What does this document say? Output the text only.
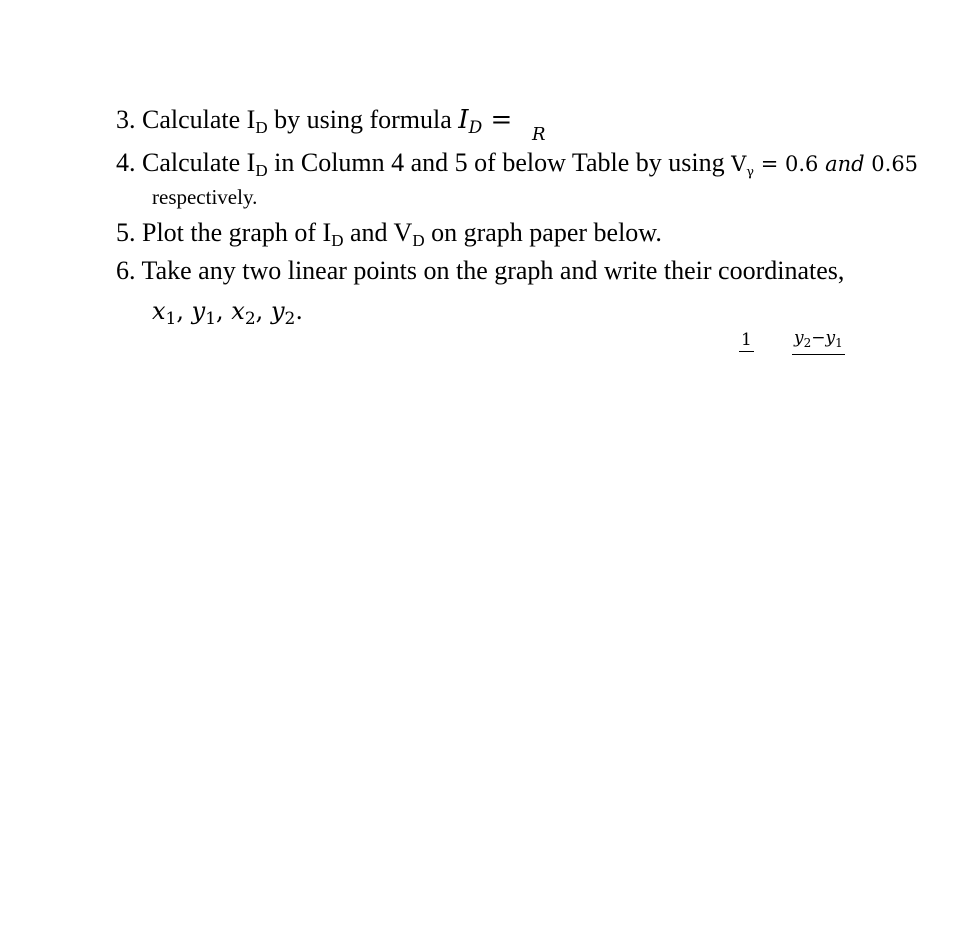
3. Calculate $I_D$ by using formula $I_D = R$
4. Calculate $I_D$ in Column 4 and 5 of below Table by using $V_\gamma = 0.6$ and 0.65
respectively.
5. Plot the graph of $I_D$ and $V_D$ on graph paper below.
6. Take any two linear points on the graph and write their coordinates,
$x_1$, $y_1$, $x_2$, $y_2$.
1 $y_2-y_1$
